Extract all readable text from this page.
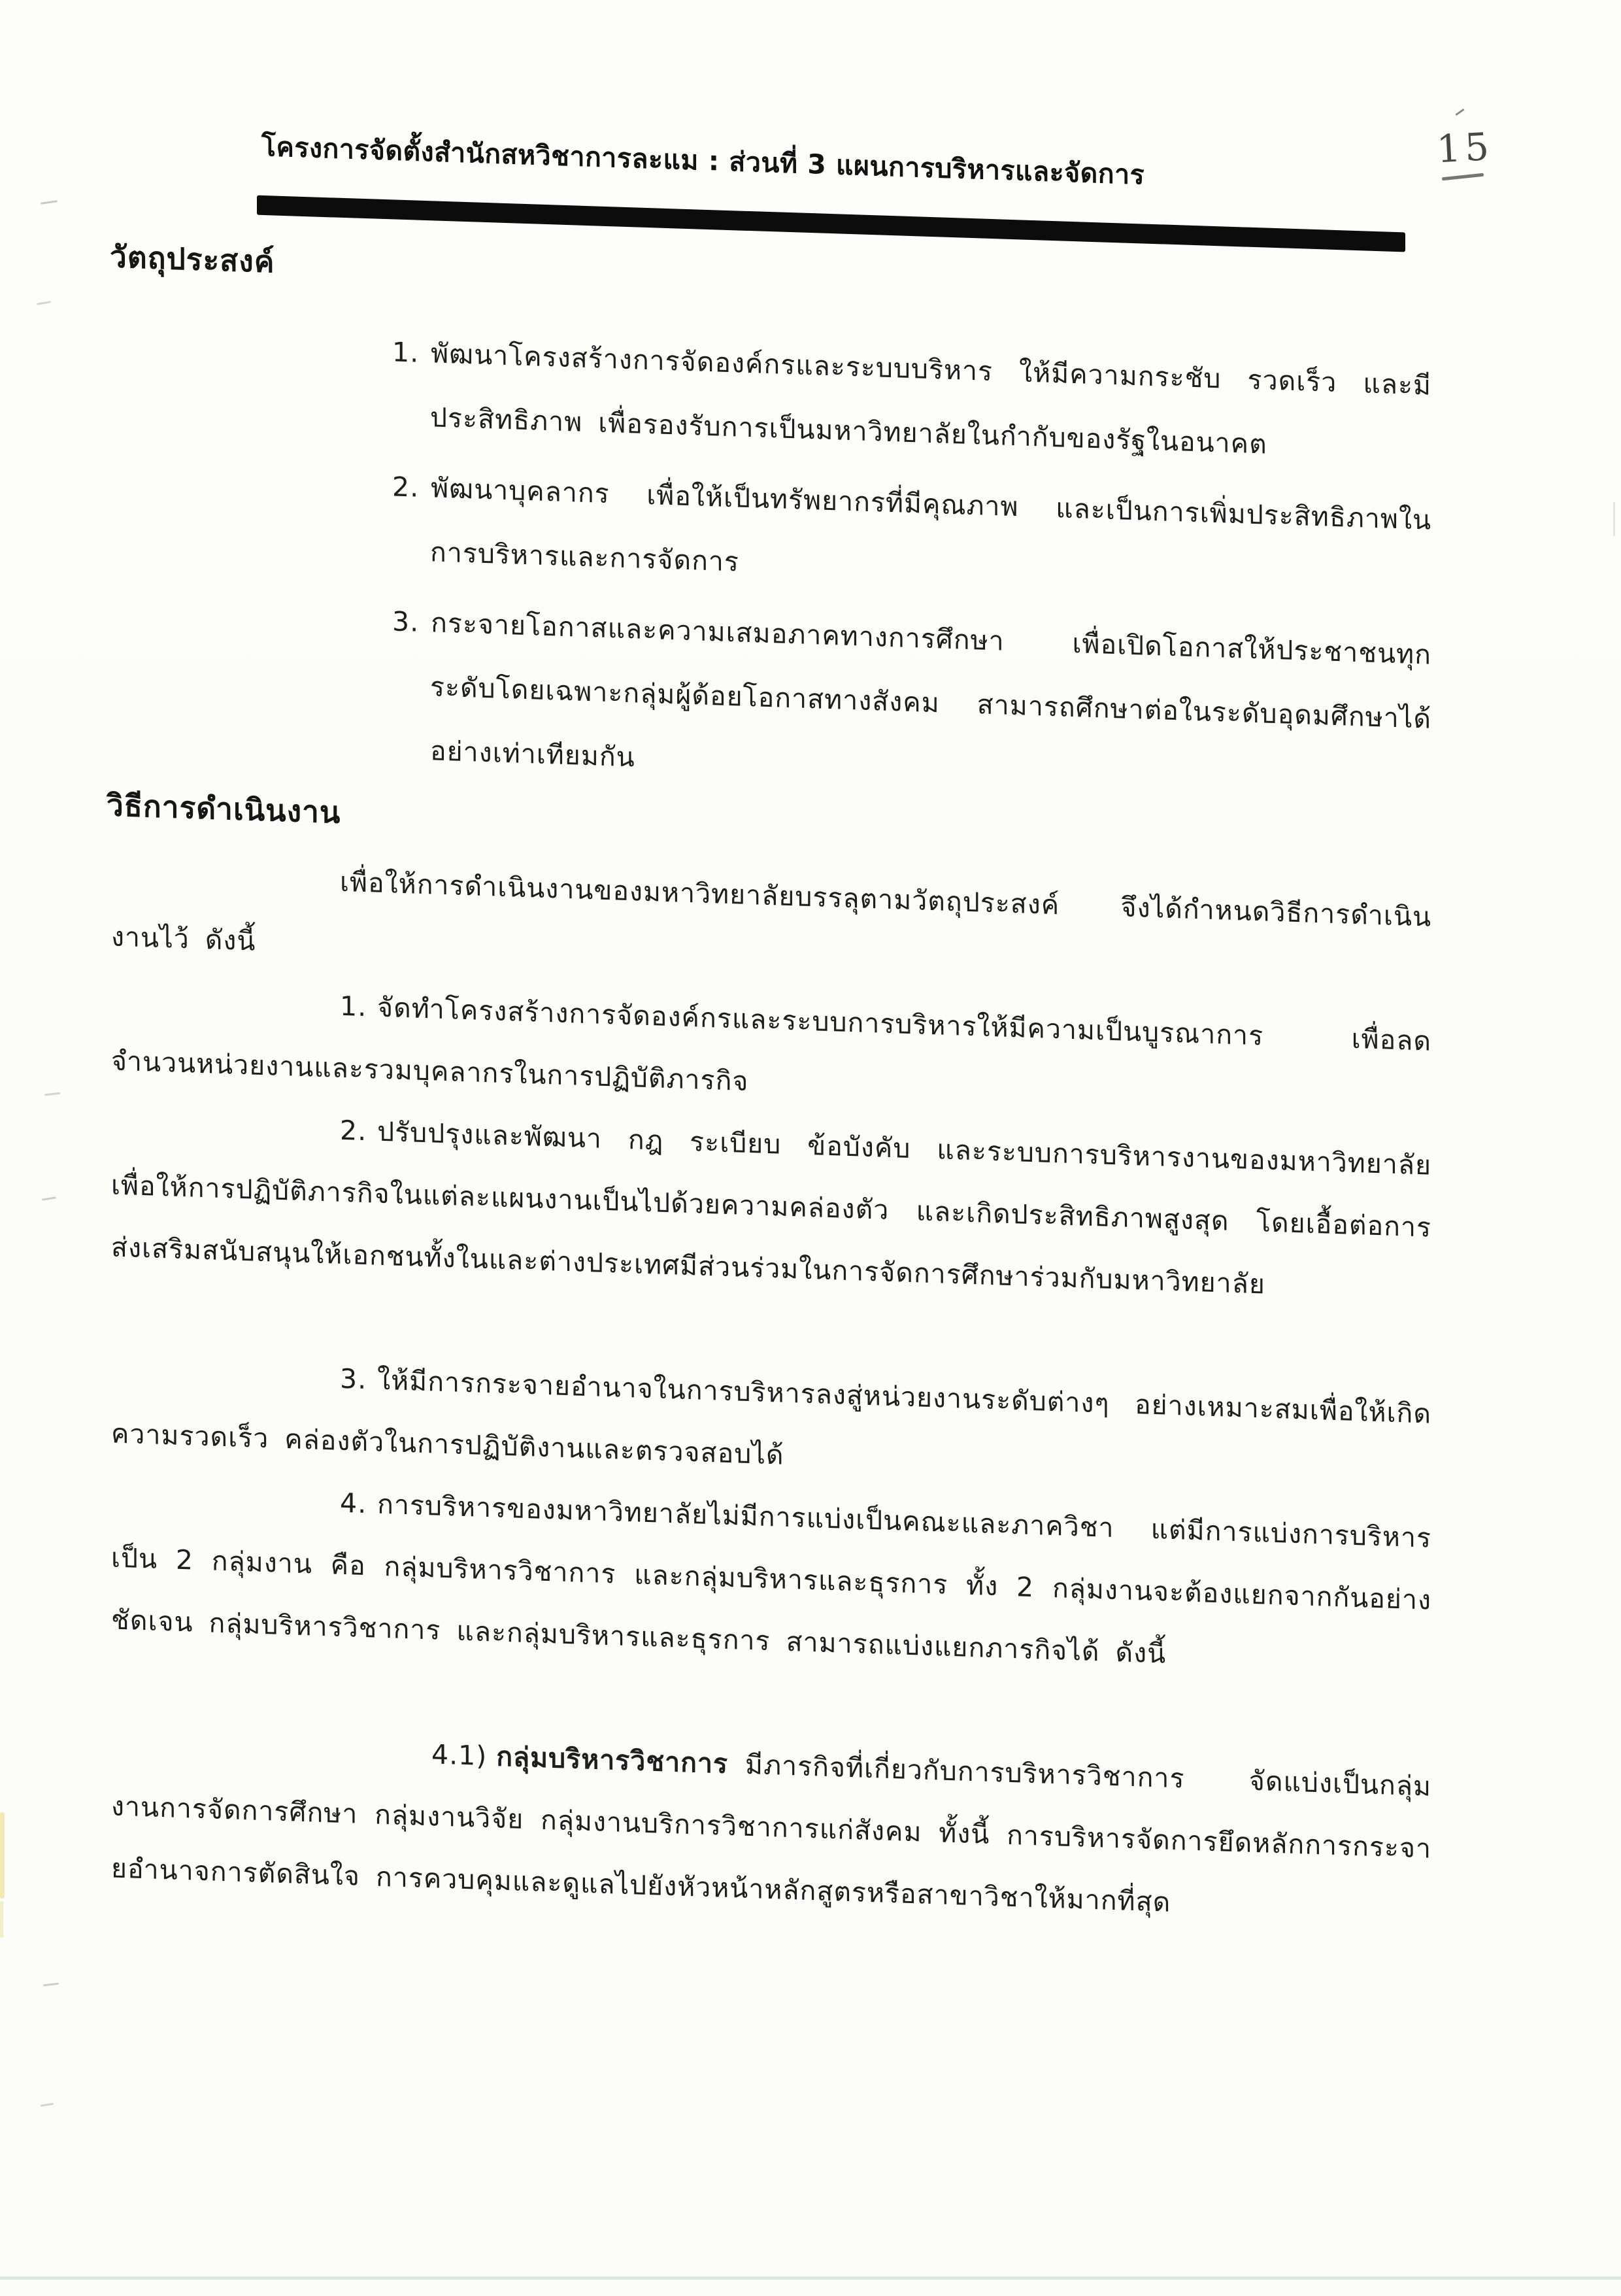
โครงการจัดตั้งสำนักสหวิชาการละแม : ส่วนที่ 3 แผนการบริหารและจัดการ
วัตถุประสงค์
1. พัฒนาโครงสร้างการจัดองค์กรและระบบบริหาร ให้มีความกระชับ รวดเร็ว และมีประสิทธิภาพ เพื่อรองรับการเป็นมหาวิทยาลัยในกำกับของรัฐในอนาคต
2. พัฒนาบุคลากร เพื่อให้เป็นทรัพยากรที่มีคุณภาพ และเป็นการเพิ่มประสิทธิภาพในการบริหารและการจัดการ
3. กระจายโอกาสและความเสมอภาคทางการศึกษา เพื่อเปิดโอกาสให้ประชาชนทุกระดับโดยเฉพาะกลุ่มผู้ด้อยโอกาสทางสังคม สามารถศึกษาต่อในระดับอุดมศึกษาได้อย่างเท่าเทียมกัน
วิธีการดำเนินงาน

เพื่อให้การดำเนินงานของมหาวิทยาลัยบรรลุตามวัตถุประสงค์ จึงได้กำหนดวิธีการดำเนินงานไว้ ดังนี้

1. จัดทำโครงสร้างการจัดองค์กรและระบบการบริหารให้มีความเป็นบูรณาการ เพื่อลดจำนวนหน่วยงานและรวมบุคลากรในการปฏิบัติภารกิจ

2. ปรับปรุงและพัฒนา กฎ ระเบียบ ข้อบังคับ และระบบการบริหารงานของมหาวิทยาลัยเพื่อให้การปฏิบัติภารกิจในแต่ละแผนงานเป็นไปด้วยความคล่องตัว และเกิดประสิทธิภาพสูงสุด โดยเอื้อต่อการส่งเสริมสนับสนุนให้เอกชนทั้งในและต่างประเทศมีส่วนร่วมในการจัดการศึกษาร่วมกับมหาวิทยาลัย

3. ให้มีการกระจายอำนาจในการบริหารลงสู่หน่วยงานระดับต่างๆ อย่างเหมาะสมเพื่อให้เกิดความรวดเร็ว คล่องตัวในการปฏิบัติงานและตรวจสอบได้

4. การบริหารของมหาวิทยาลัยไม่มีการแบ่งเป็นคณะและภาควิชา แต่มีการแบ่งการบริหารเป็น 2 กลุ่มงาน คือ กลุ่มบริหารวิชาการ และกลุ่มบริหารและธุรการ ทั้ง 2 กลุ่มงานจะต้องแยกจากกันอย่างชัดเจน กลุ่มบริหารวิชาการ และกลุ่มบริหารและธุรการ สามารถแบ่งแยกภารกิจได้ ดังนี้

4.1) กลุ่มบริหารวิชาการ มีภารกิจที่เกี่ยวกับการบริหารวิชาการ จัดแบ่งเป็นกลุ่มงานการจัดการศึกษา กลุ่มงานวิจัย กลุ่มงานบริการวิชาการแก่สังคม ทั้งนี้ การบริหารจัดการยึดหลักการกระจายอำนาจการตัดสินใจ การควบคุมและดูแลไปยังหัวหน้าหลักสูตรหรือสาขาวิชาให้มากที่สุด

15
